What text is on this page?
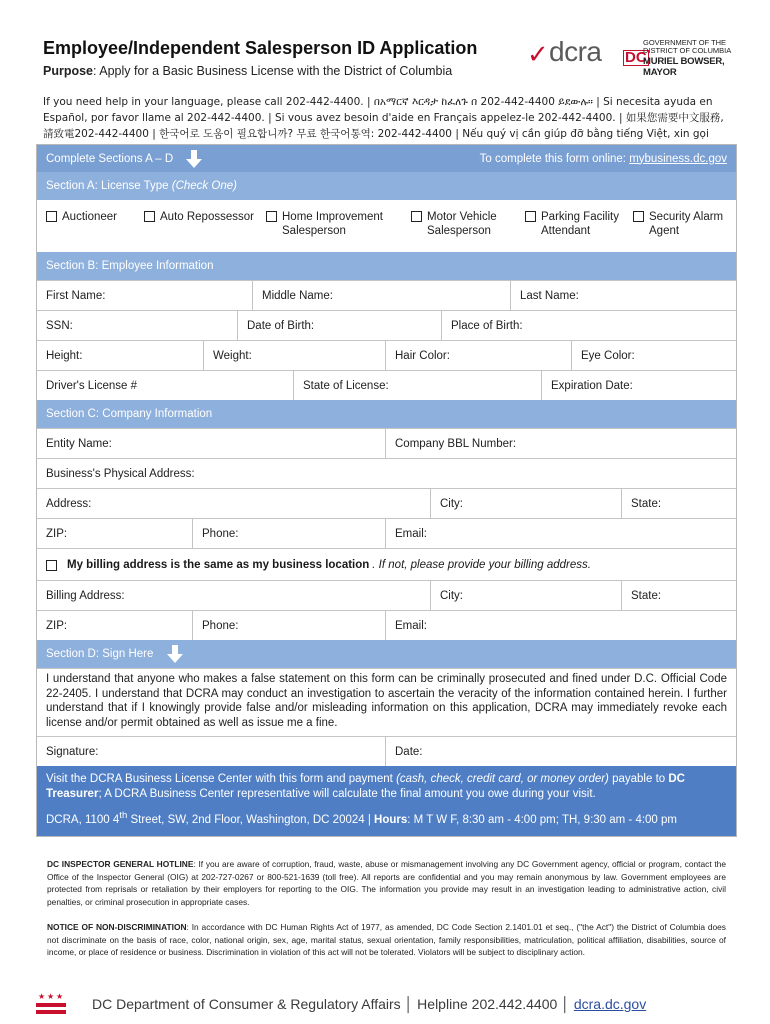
Employee/Independent Salesperson ID Application
Purpose: Apply for a Basic Business License with the District of Columbia
✓ dcra DC
GOVERNMENT OF THE
DISTRICT OF COLUMBIA
MURIEL BOWSER, MAYOR
If you need help in your language, please call 202-442-4400. | በአማርኛ እርዳታ ከፈለጉ በ 202-442-4400 ይደውሉ። | Si necesita ayuda en Español, por favor llame al 202-442-4400. | Si vous avez besoin d'aide en Français appelez-le 202-442-4400. | 如果您需要中文服務, 請致電202-442-4400 | 한국어로 도움이 필요합니까? 무료 한국어통역: 202-442-4400 | Nếu quý vị cần giúp đỡ bằng tiếng Việt, xin gọi
Complete Sections A – D	To complete this form online: mybusiness.dc.gov
Section A: License Type (Check One)
Auctioneer	Auto Repossessor Home Improvement
Salesperson
Motor Vehicle
Salesperson
Parking Facility
Attendant
Security Alarm
Agent
Section B: Employee Information
First Name:	Middle Name:	Last Name:
SSN:	Date of Birth:	Place of Birth:
Height:	Weight:	Hair Color:	Eye Color:
Driver's License #	State of License:	Expiration Date:
Section C: Company Information
Entity Name:	Company BBL Number:
Business's Physical Address:
Address:	City:	State:
ZIP:	Phone:	Email:
My billing address is the same as my business location . If not, please provide your billing address.
Billing Address:	City:	State:
ZIP:	Phone:	Email:
Section D: Sign Here
I understand that anyone who makes a false statement on this form can be criminally prosecuted and fined under D.C. Official Code 22-2405. I understand that DCRA may conduct an investigation to ascertain the veracity of the information contained herein. I further understand that if I knowingly provide false and/or misleading information on this application, DCRA may immediately revoke each license and/or permit obtained as well as issue me a fine.
Signature:	Date:
Visit the DCRA Business License Center with this form and payment (cash, check, credit card, or money order) payable to DC Treasurer; A DCRA Business Center representative will calculate the final amount you owe during your visit.
DCRA, 1100 4th Street, SW, 2nd Floor, Washington, DC 20024 | Hours: M T W F, 8:30 am - 4:00 pm; TH, 9:30 am - 4:00 pm
DC INSPECTOR GENERAL HOTLINE: If you are aware of corruption, fraud, waste, abuse or mismanagement involving any DC Government agency, official or program, contact the Office of the Inspector General (OIG) at 202-727-0267 or 800-521-1639 (toll free). All reports are confidential and you may remain anonymous by law. Government employees are protected from reprisals or retaliation by their employers for reporting to the OIG. The information you provide may result in an investigation leading to administrative action, civil penalties, or criminal prosecution in appropriate cases.
NOTICE OF NON-DISCRIMINATION: In accordance with DC Human Rights Act of 1977, as amended, DC Code Section 2.1401.01 et seq., ("the Act") the District of Columbia does not discriminate on the basis of race, color, national origin, sex, age, marital status, sexual orientation, family responsibilities, matriculation, political affiliation, disabilities, source of income, or place of residence or business. Discrimination in violation of this act will not be tolerated. Violators will be subject to disciplinary action.
★ ★ ★ DC Department of Consumer & Regulatory Affairs │ Helpline 202.442.4400 │ dcra.dc.gov
